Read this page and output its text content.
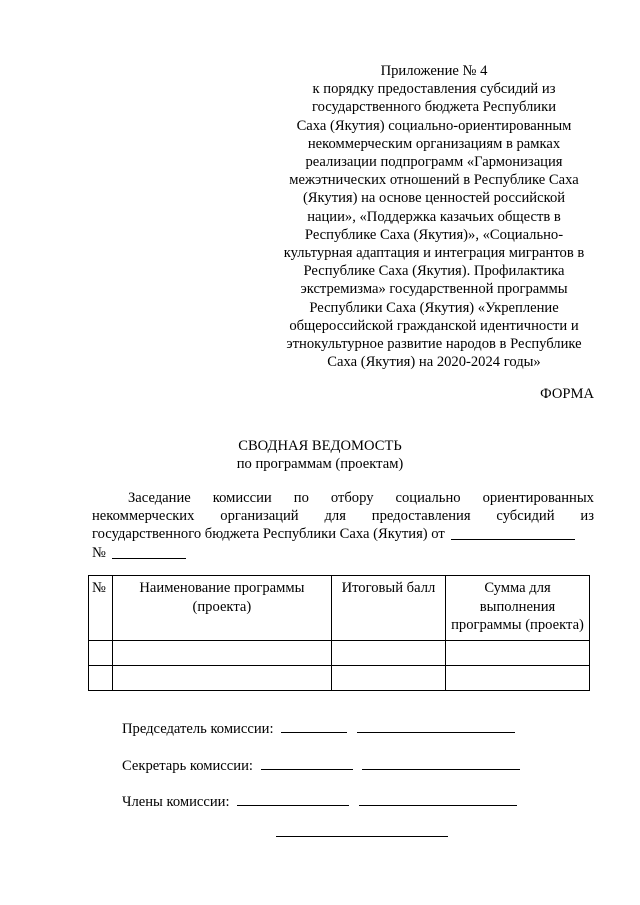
Приложение № 4
к порядку предоставления субсидий из
государственного бюджета Республики
Саха (Якутия) социально-ориентированным
некоммерческим организациям в рамках
реализации подпрограмм «Гармонизация
межэтнических отношений в Республике Саха
(Якутия) на основе ценностей российской
нации», «Поддержка казачьих обществ в
Республике Саха (Якутия)», «Социально-
культурная адаптация и интеграция мигрантов в
Республике Саха (Якутия). Профилактика
экстремизма» государственной программы
Республики Саха (Якутия) «Укрепление
общероссийской гражданской идентичности и
этнокультурное развитие народов в Республике
Саха (Якутия) на 2020-2024 годы»
ФОРМА
СВОДНАЯ ВЕДОМОСТЬ
по программам (проектам)
Заседание комиссии по отбору социально ориентированных
некоммерческих организаций для предоставления субсидий из
государственного бюджета Республики Саха (Якутия) от
№
№	Наименование программы (проекта)	Итоговый балл	Сумма для выполнения программы (проекта)

Председатель комиссии:
Секретарь комиссии:
Члены комиссии:
